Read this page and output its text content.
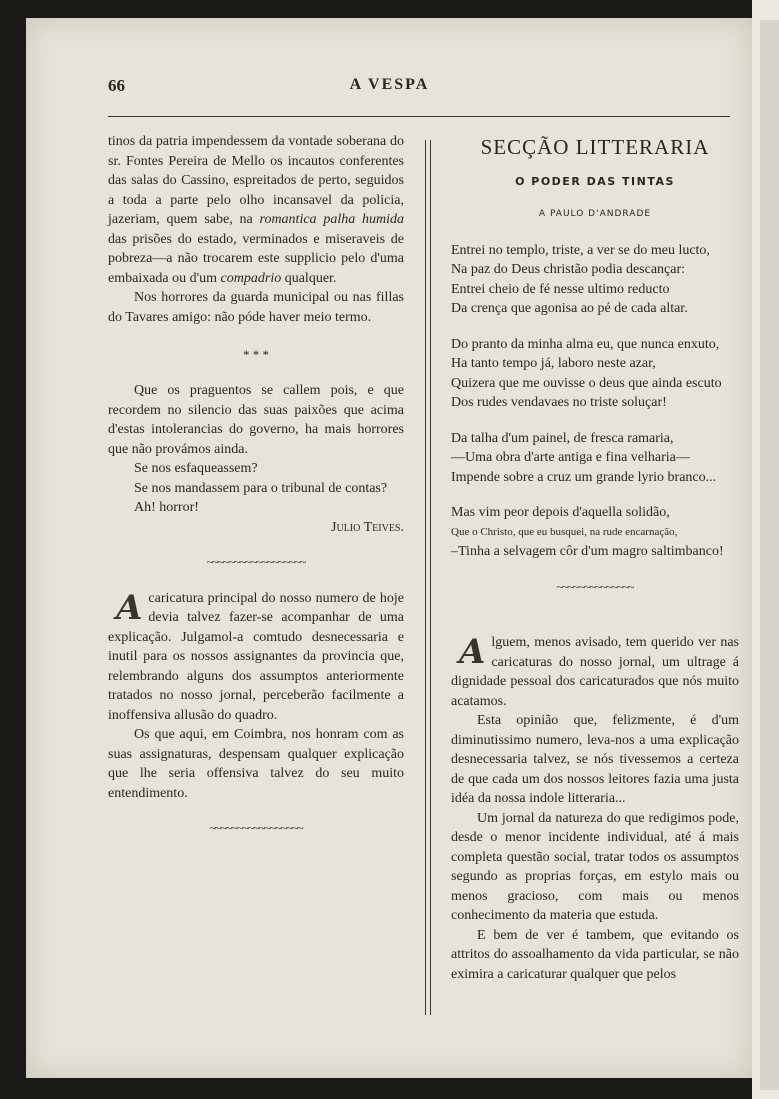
66	A VESPA

tinos da patria impendessem da vontade soberana do sr. Fontes Pereira de Mello os incautos conferentes das salas do Cassino, espreitados de perto, seguidos a toda a parte pelo olho incansavel da policia, jazeriam, quem sabe, na romantica palha humida das prisões do estado, verminados e miseraveis de pobreza—a não trocarem este supplicio pelo d'uma embaixada ou d'um compadrio qualquer.

Nos horrores da guarda municipal ou nas fillas do Tavares amigo: não póde haver meio termo.

* * *

Que os praguentos se callem pois, e que recordem no silencio das suas paixões que acima d'estas intolerancias do governo, ha mais horrores que não provámos ainda.

Se nos esfaqueassem?

Se nos mandassem para o tribunal de contas?

Ah! horror!

Julio Teives.

~~~~~~~~~~~~~~~~~~

Acaricatura principal do nosso numero de hoje devia talvez fazer-se acompanhar de uma explicação. Julgamol-a comtudo desnecessaria e inutil para os nossos assignantes da provincia que, relembrando alguns dos assumptos anteriormente tratados no nosso jornal, perceberão facilmente a inoffensiva allusão do quadro.

Os que aqui, em Coimbra, nos honram com as suas assignaturas, despensam qualquer explicação que lhe seria offensiva talvez do seu muito entendimento.

~~~~~~~~~~~~~~~~~
SECÇÃO LITTERARIA
O PODER DAS TINTAS
A PAULO D'ANDRADE
Entrei no templo, triste, a ver se do meu lucto,
Na paz do Deus christão podia descançar:
Entrei cheio de fé nesse ultimo reducto
Da crença que agonisa ao pé de cada altar.
Do pranto da minha alma eu, que nunca enxuto,
Ha tanto tempo já, laboro neste azar,
Quizera que me ouvisse o deus que ainda escuto
Dos rudes vendavaes no triste soluçar!
Da talha d'um painel, de fresca ramaria,
—Uma obra d'arte antiga e fina velharia—
Impende sobre a cruz um grande lyrio branco...
Mas vim peor depois d'aquella solidão,
Que o Christo, que eu busquei, na rude encarnação,
–Tinha a selvagem côr d'um magro saltimbanco!
~~~~~~~~~~~~~~

Alguem, menos avisado, tem querido ver nas caricaturas do nosso jornal, um ultrage á dignidade pessoal dos caricaturados que nós muito acatamos.

Esta opinião que, felizmente, é d'um diminutissimo numero, leva-nos a uma explicação desnecessaria talvez, se nós tivessemos a certeza de que cada um dos nossos leitores fazia uma justa idéa da nossa indole litteraria...

Um jornal da natureza do que redigimos pode, desde o menor incidente individual, até á mais completa questão social, tratar todos os assumptos segundo as proprias forças, em estylo mais ou menos gracioso, com mais ou menos conhecimento da materia que estuda.

E bem de ver é tambem, que evitando os attritos do assoalhamento da vida particular, se não eximira a caricaturar qualquer que pelos
